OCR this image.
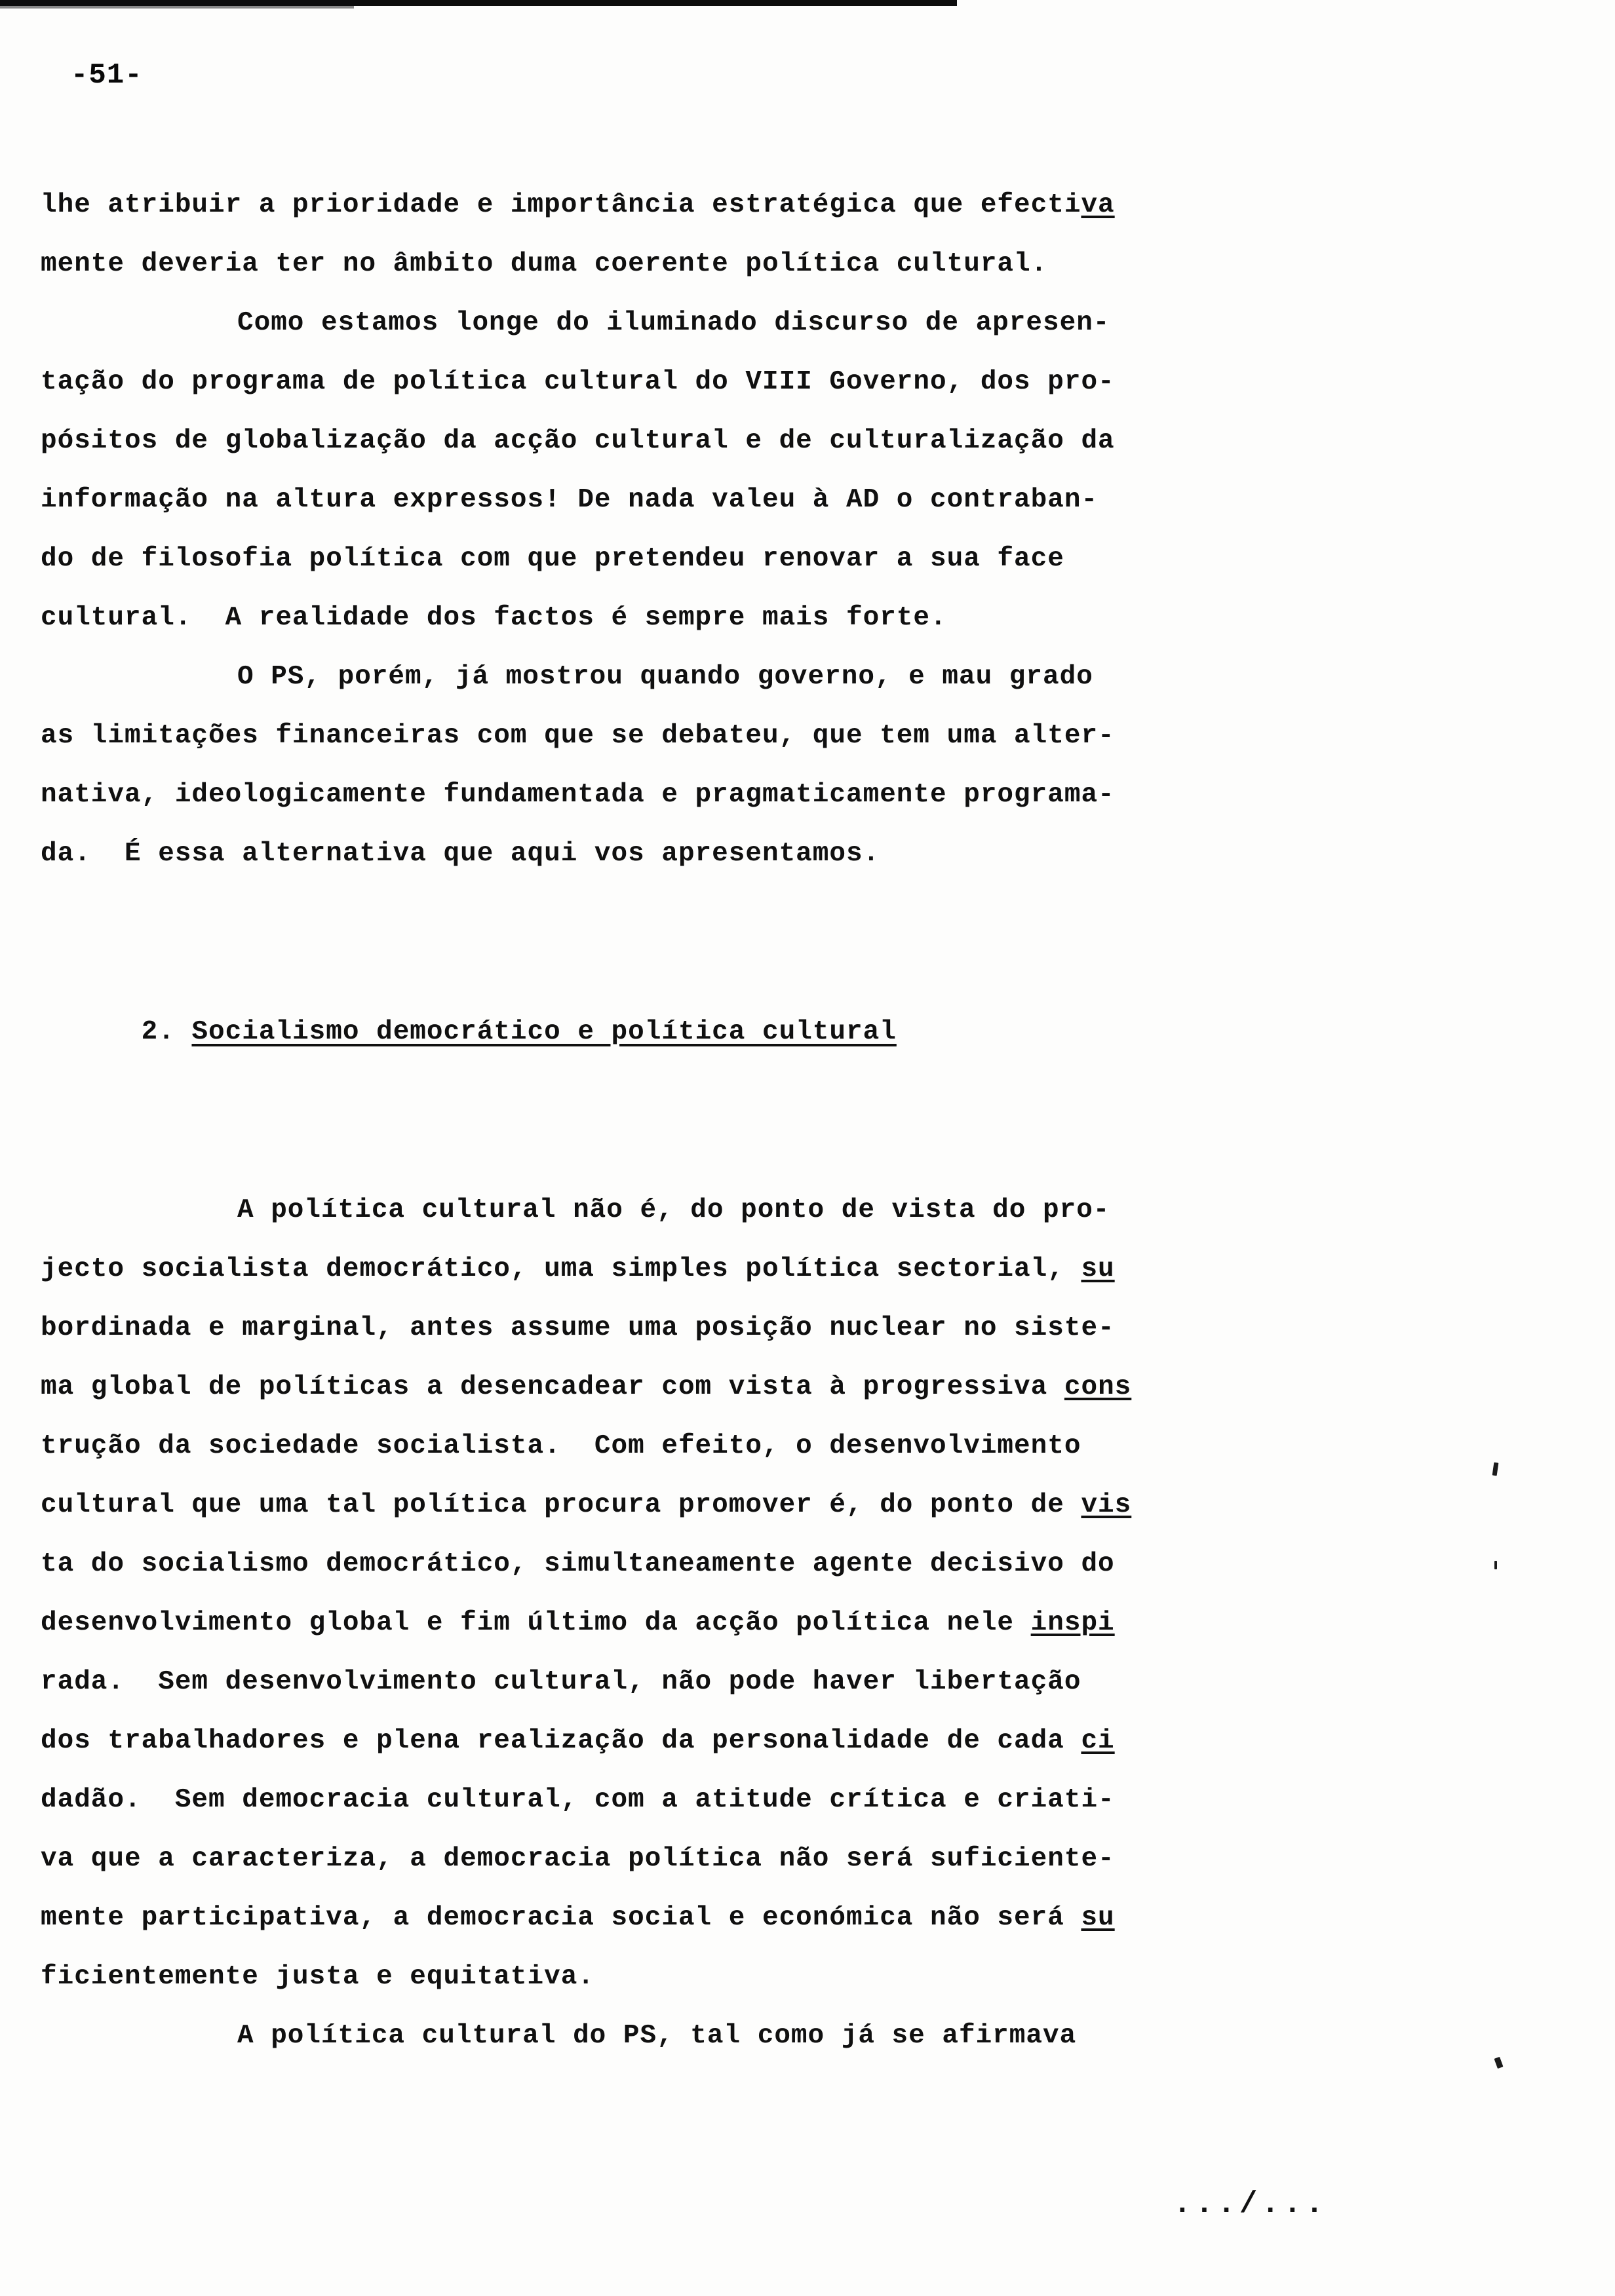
-51-
lhe atribuir a prioridade e importância estratégica que efectiva
mente deveria ter no âmbito duma coerente política cultural.
Como estamos longe do iluminado discurso de apresen-
tação do programa de política cultural do VIII Governo, dos pro-
pósitos de globalização da acção cultural e de culturalização da
informação na altura expressos! De nada valeu à AD o contraban-
do de filosofia política com que pretendeu renovar a sua face
cultural.  A realidade dos factos é sempre mais forte.
O PS, porém, já mostrou quando governo, e mau grado
as limitações financeiras com que se debateu, que tem uma alter-
nativa, ideologicamente fundamentada e pragmaticamente programa-
da.  É essa alternativa que aqui vos apresentamos.

2. Socialismo democrático e política cultural

A política cultural não é, do ponto de vista do pro-
jecto socialista democrático, uma simples política sectorial, su
bordinada e marginal, antes assume uma posição nuclear no siste-
ma global de políticas a desencadear com vista à progressiva cons
trução da sociedade socialista.  Com efeito, o desenvolvimento
cultural que uma tal política procura promover é, do ponto de vis
ta do socialismo democrático, simultaneamente agente decisivo do
desenvolvimento global e fim último da acção política nele inspi
rada.  Sem desenvolvimento cultural, não pode haver libertação
dos trabalhadores e plena realização da personalidade de cada ci
dadão.  Sem democracia cultural, com a atitude crítica e criati-
va que a caracteriza, a democracia política não será suficiente-
mente participativa, a democracia social e económica não será su
ficientemente justa e equitativa.
A política cultural do PS, tal como já se afirmava
.../...
